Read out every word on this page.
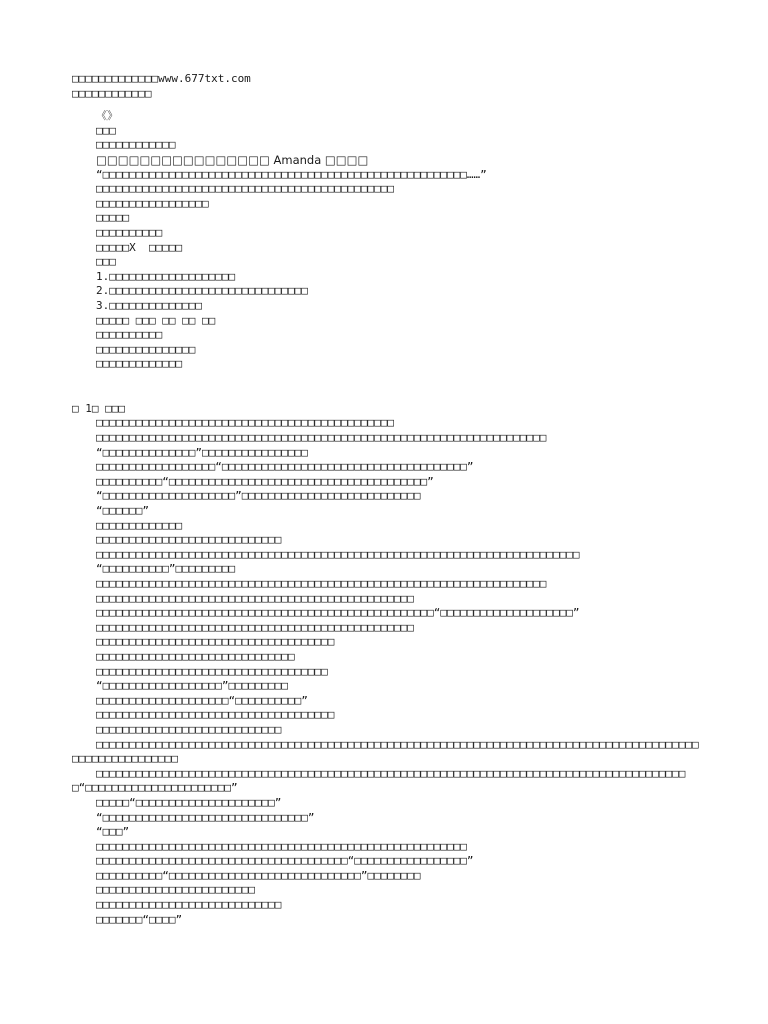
□□□□□□□□□□□□□www.677txt.com
□□□□□□□□□□□□
《》
□□□
□□□□□□□□□□□□
□□□□□□□□□□□□□□□□ Amanda □□□□
“□□□□□□□□□□□□□□□□□□□□□□□□□□□□□□□□□□□□□□□□□□□□□□□□□□□□□□□……”
□□□□□□□□□□□□□□□□□□□□□□□□□□□□□□□□□□□□□□□□□□□□□
□□□□□□□□□□□□□□□□□
□□□□□
□□□□□□□□□□
□□□□□X  □□□□□
□□□
1.□□□□□□□□□□□□□□□□□□□
2.□□□□□□□□□□□□□□□□□□□□□□□□□□□□□□
3.□□□□□□□□□□□□□□
□□□□□ □□□ □□ □□ □□
□□□□□□□□□□
□□□□□□□□□□□□□□□
□□□□□□□□□□□□□
□ 1□ □□□
□□□□□□□□□□□□□□□□□□□□□□□□□□□□□□□□□□□□□□□□□□□□□
□□□□□□□□□□□□□□□□□□□□□□□□□□□□□□□□□□□□□□□□□□□□□□□□□□□□□□□□□□□□□□□□□□□□
“□□□□□□□□□□□□□□”□□□□□□□□□□□□□□□□
□□□□□□□□□□□□□□□□□□“□□□□□□□□□□□□□□□□□□□□□□□□□□□□□□□□□□□□□”
□□□□□□□□□□“□□□□□□□□□□□□□□□□□□□□□□□□□□□□□□□□□□□□□□□”
“□□□□□□□□□□□□□□□□□□□□”□□□□□□□□□□□□□□□□□□□□□□□□□□□
“□□□□□□”
□□□□□□□□□□□□□
□□□□□□□□□□□□□□□□□□□□□□□□□□□□
□□□□□□□□□□□□□□□□□□□□□□□□□□□□□□□□□□□□□□□□□□□□□□□□□□□□□□□□□□□□□□□□□□□□□□□□□
“□□□□□□□□□□”□□□□□□□□□
□□□□□□□□□□□□□□□□□□□□□□□□□□□□□□□□□□□□□□□□□□□□□□□□□□□□□□□□□□□□□□□□□□□□
□□□□□□□□□□□□□□□□□□□□□□□□□□□□□□□□□□□□□□□□□□□□□□□□
□□□□□□□□□□□□□□□□□□□□□□□□□□□□□□□□□□□□□□□□□□□□□□□□□□□“□□□□□□□□□□□□□□□□□□□□”
□□□□□□□□□□□□□□□□□□□□□□□□□□□□□□□□□□□□□□□□□□□□□□□□
□□□□□□□□□□□□□□□□□□□□□□□□□□□□□□□□□□□□
□□□□□□□□□□□□□□□□□□□□□□□□□□□□□□
□□□□□□□□□□□□□□□□□□□□□□□□□□□□□□□□□□□
“□□□□□□□□□□□□□□□□□□”□□□□□□□□□
□□□□□□□□□□□□□□□□□□□□“□□□□□□□□□□”
□□□□□□□□□□□□□□□□□□□□□□□□□□□□□□□□□□□□
□□□□□□□□□□□□□□□□□□□□□□□□□□□□
□□□□□□□□□□□□□□□□□□□□□□□□□□□□□□□□□□□□□□□□□□□□□□□□□□□□□□□□□□□□□□□□□□□□□□□□□□□□□□□□□□□□□□□□□□□□□□□□□□□□□□□□□□□
□□□□□□□□□□□□□□□□□□□□□□□□□□□□□□□□□□□□□□□□□□□□□□□□□□□□□□□□□□□□□□□□□□□□□□□□□□□□□□□□□□□□□□□□□□“□□□□□□□□□□□□□□□□□□□□□□”
□□□□□“□□□□□□□□□□□□□□□□□□□□□”
“□□□□□□□□□□□□□□□□□□□□□□□□□□□□□□□”
“□□□”
□□□□□□□□□□□□□□□□□□□□□□□□□□□□□□□□□□□□□□□□□□□□□□□□□□□□□□□□
□□□□□□□□□□□□□□□□□□□□□□□□□□□□□□□□□□□□□□“□□□□□□□□□□□□□□□□□”
□□□□□□□□□□“□□□□□□□□□□□□□□□□□□□□□□□□□□□□□”□□□□□□□□
□□□□□□□□□□□□□□□□□□□□□□□□
□□□□□□□□□□□□□□□□□□□□□□□□□□□□
□□□□□□□“□□□□”
